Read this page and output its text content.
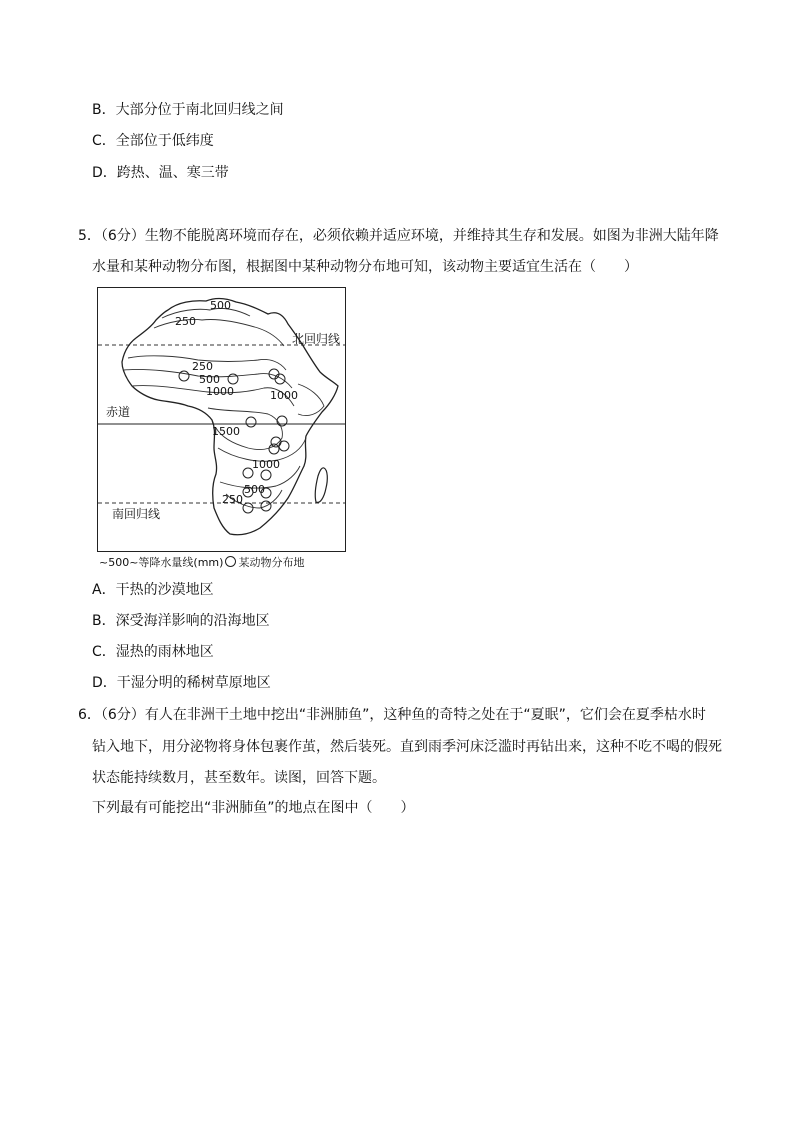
B．大部分位于南北回归线之间
C．全部位于低纬度
D．跨热、温、寒三带
5．（6分）生物不能脱离环境而存在，必须依赖并适应环境，并维持其生存和发展。如图为非洲大陆年降
水量和某种动物分布图，根据图中某种动物分布地可知，该动物主要适宜生活在（　　）
500
250
250
500
1000	1000
1500
1000
500
250
北回归线
赤道
南回归线
~500~等降水量线(mm) 某动物分布地
A．干热的沙漠地区
B．深受海洋影响的沿海地区
C．湿热的雨林地区
D．干湿分明的稀树草原地区
6．（6分）有人在非洲干土地中挖出“非洲肺鱼”，这种鱼的奇特之处在于“夏眠”，它们会在夏季枯水时
钻入地下，用分泌物将身体包裹作茧，然后装死。直到雨季河床泛滥时再钻出来，这种不吃不喝的假死
状态能持续数月，甚至数年。读图，回答下题。
下列最有可能挖出“非洲肺鱼”的地点在图中（　　）
